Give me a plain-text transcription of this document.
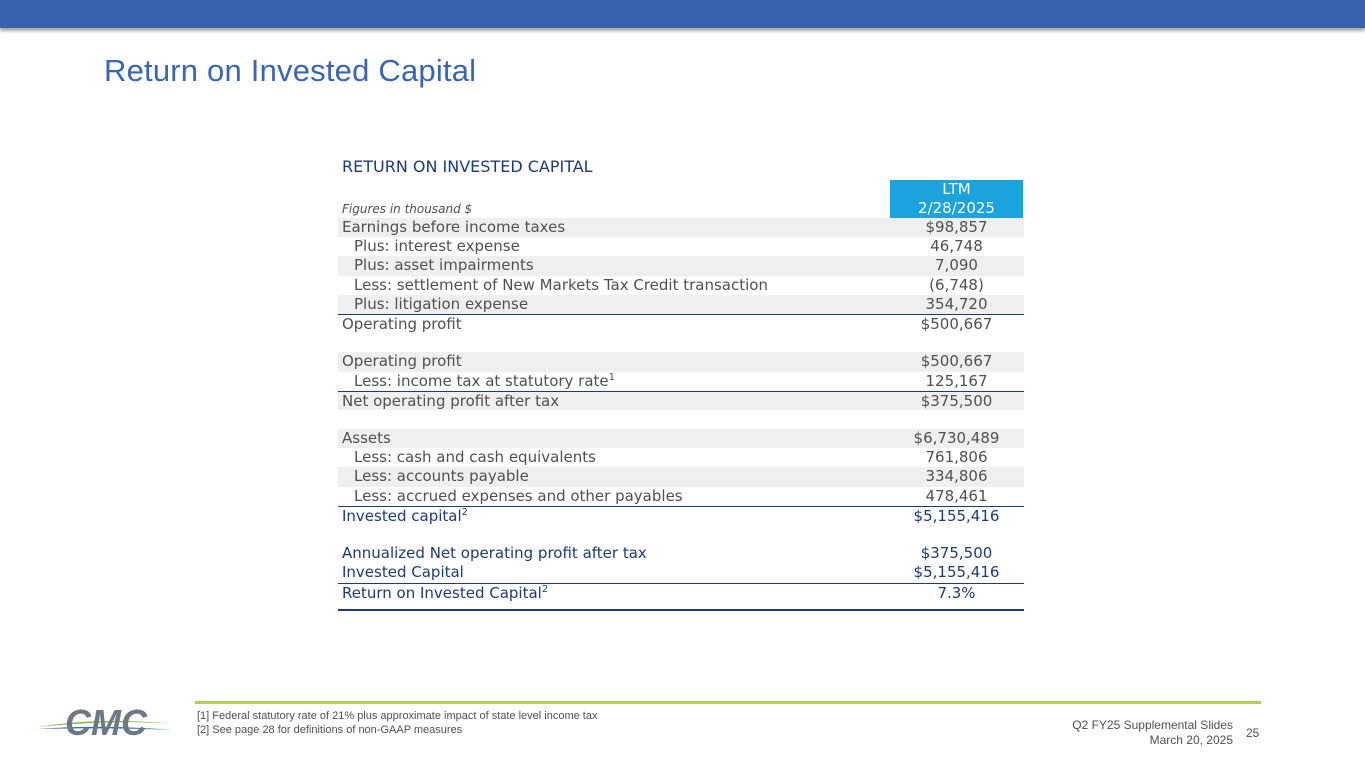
Return on Invested Capital
RETURN ON INVESTED CAPITAL
LTM
2/28/2025
Figures in thousand $
Earnings before income taxes	$98,857
Plus: interest expense	46,748
Plus: asset impairments	7,090
Less: settlement of New Markets Tax Credit transaction	(6,748)
Plus: litigation expense	354,720
Operating profit	$500,667
Operating profit	$500,667
Less: income tax at statutory rate$^1$	125,167
Net operating profit after tax	$375,500
Assets	$6,730,489
Less: cash and cash equivalents	761,806
Less: accounts payable	334,806
Less: accrued expenses and other payables	478,461
Invested capital$^2$	$5,155,416
Annualized Net operating profit after tax	$375,500
Invested Capital	$5,155,416
Return on Invested Capital$^2$	7.3%
CMC	[1] Federal statutory rate of 21% plus approximate impact of state level income tax
[2] See page 28 for definitions of non-GAAP measures	Q2 FY25 Supplemental Slides
March 20, 2025 25
